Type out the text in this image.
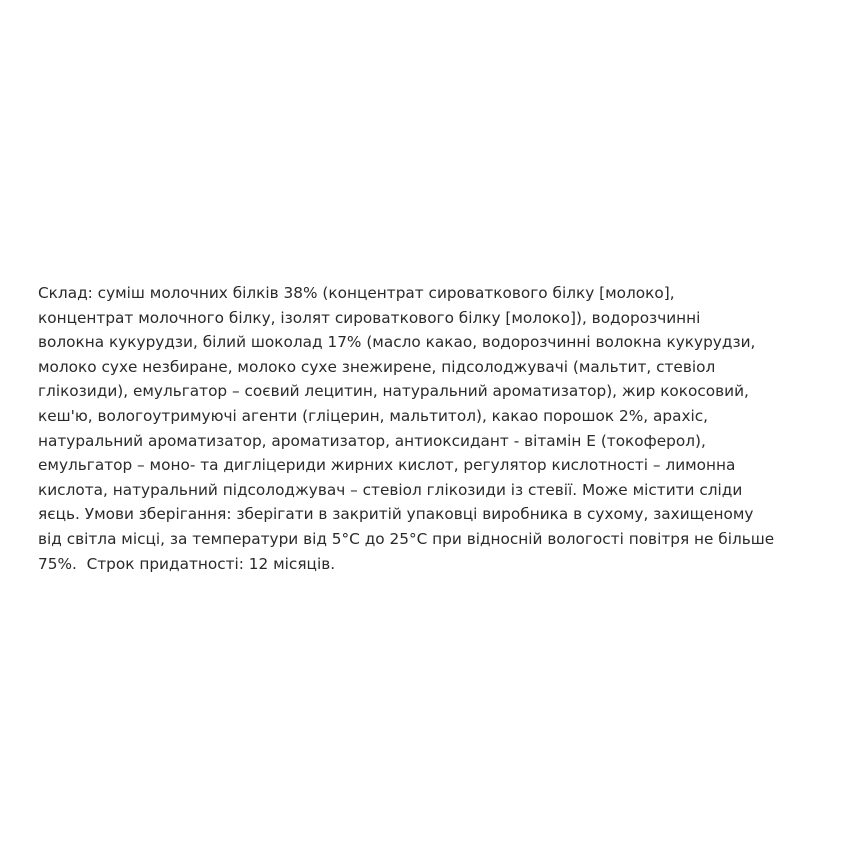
Склад: суміш молочних білків 38% (концентрат сироваткового білку [молоко],
концентрат молочного білку, ізолят сироваткового білку [молоко]), водорозчинні
волокна кукурудзи, білий шоколад 17% (масло какао, водорозчинні волокна кукурудзи,
молоко сухе незбиране, молоко сухе знежирене, підсолоджувачі (мальтит, стевіол
глікозиди), емульгатор – соєвий лецитин, натуральний ароматизатор), жир кокосовий,
кеш'ю, вологоутримуючі агенти (гліцерин, мальтитол), какао порошок 2%, арахіс,
натуральний ароматизатор, ароматизатор, антиоксидант - вітамін Е (токоферол),
емульгатор – моно- та дигліцериди жирних кислот, регулятор кислотності – лимонна
кислота, натуральний підсолоджувач – стевіол глікозиди із стевії. Може містити сліди
яєць. Умови зберігання: зберігати в закритій упаковці виробника в сухому, захищеному
від світла місці, за температури від 5°C до 25°C при відносній вологості повітря не більше
75%.  Строк придатності: 12 місяців.
